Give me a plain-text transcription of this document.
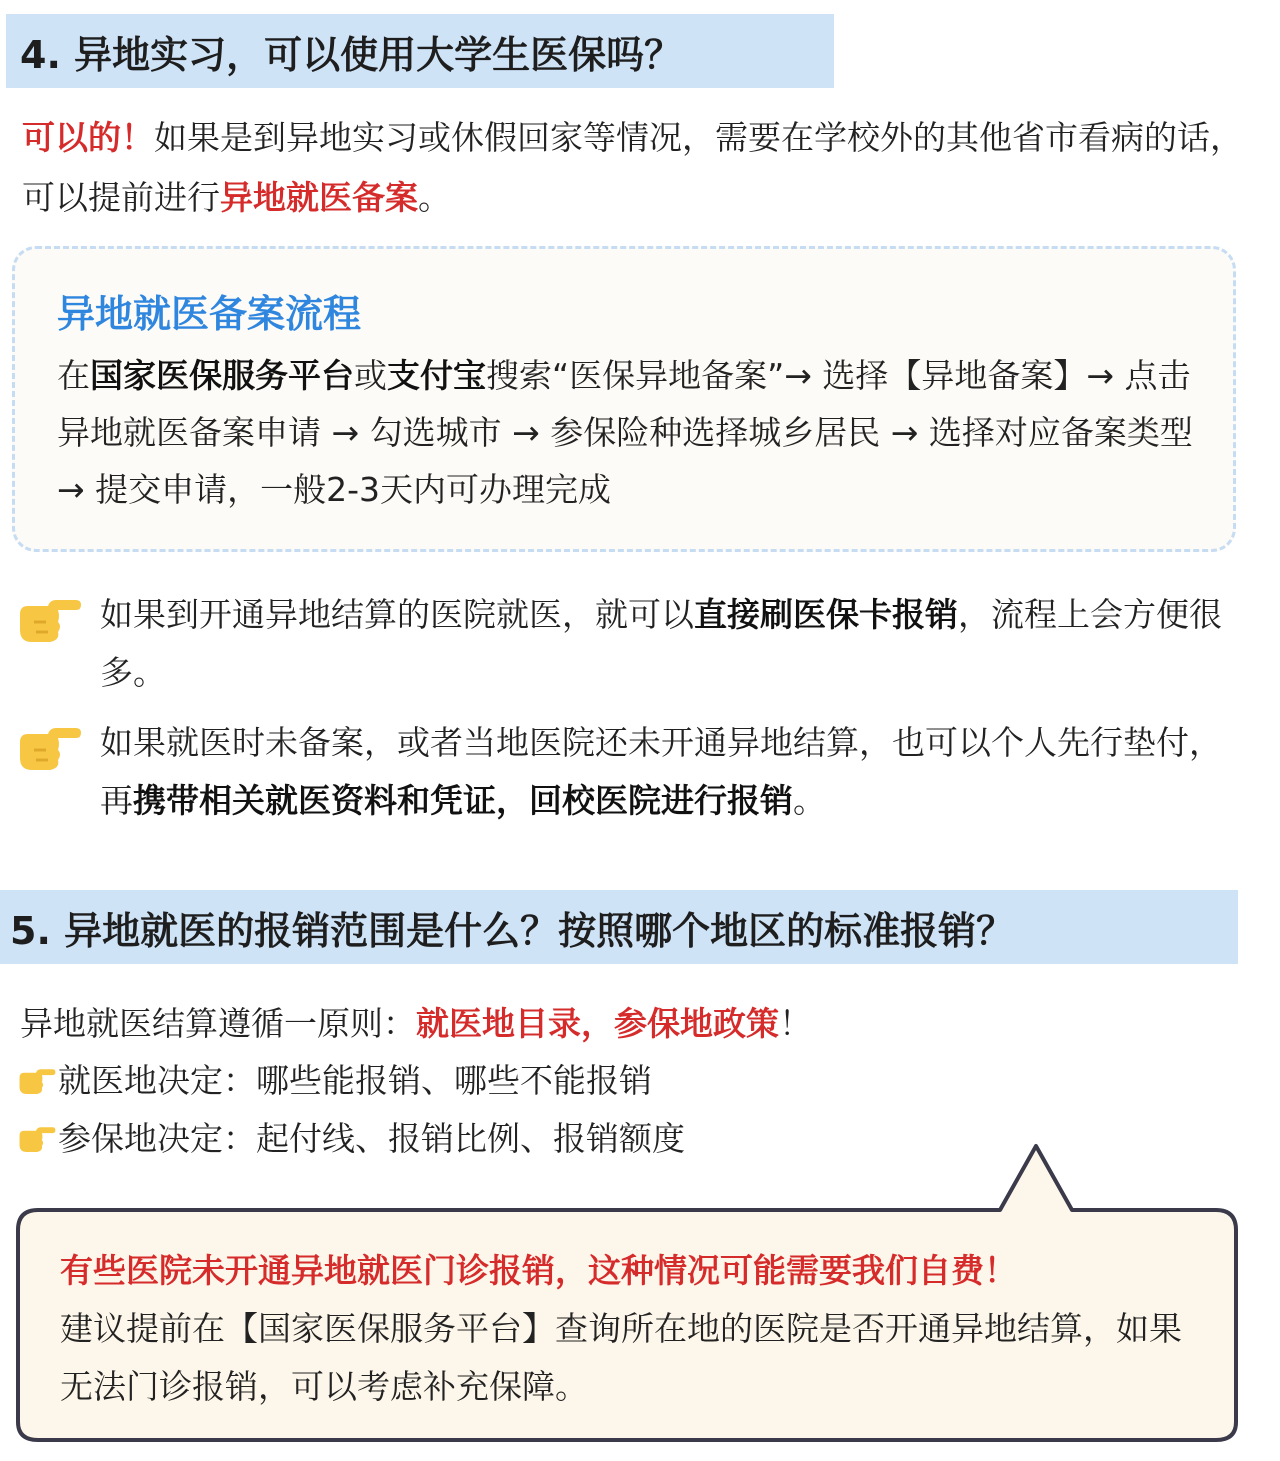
4. 异地实习，可以使用大学生医保吗？
可以的！如果是到异地实习或休假回家等情况，需要在学校外的其他省市看病的话，可以提前进行异地就医备案。
异地就医备案流程
在国家医保服务平台或支付宝搜索“医保异地备案”→ 选择【异地备案】→ 点击异地就医备案申请 → 勾选城市 → 参保险种选择城乡居民 → 选择对应备案类型 → 提交申请，一般2-3天内可办理完成
如果到开通异地结算的医院就医，就可以直接刷医保卡报销，流程上会方便很多。
如果就医时未备案，或者当地医院还未开通异地结算，也可以个人先行垫付，再携带相关就医资料和凭证，回校医院进行报销。
5. 异地就医的报销范围是什么？按照哪个地区的标准报销？
异地就医结算遵循一原则：就医地目录，参保地政策！
就医地决定：哪些能报销、哪些不能报销
参保地决定：起付线、报销比例、报销额度
有些医院未开通异地就医门诊报销，这种情况可能需要我们自费！
建议提前在【国家医保服务平台】查询所在地的医院是否开通异地结算，如果无法门诊报销，可以考虑补充保障。
